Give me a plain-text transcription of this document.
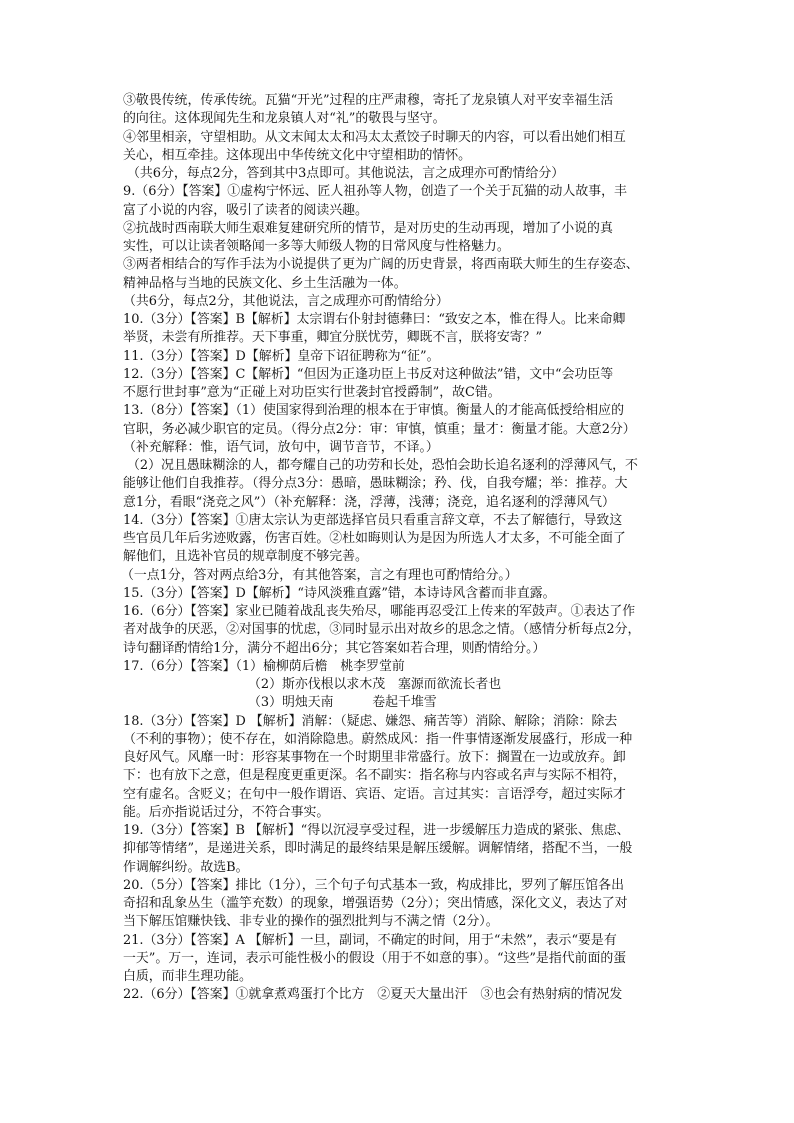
③敬畏传统，传承传统。瓦猫“开光”过程的庄严肃穆，寄托了龙泉镇人对平安幸福生活
的向往。这体现闻先生和龙泉镇人对“礼”的敬畏与坚守。
④邻里相亲，守望相助。从文末闻太太和冯太太煮饺子时聊天的内容，可以看出她们相互
关心，相互牵挂。这体现出中华传统文化中守望相助的情怀。
（共6分，每点2分，答到其中3点即可。其他说法，言之成理亦可酌情给分）
9.（6分）【答案】①虚构宁怀远、匠人祖孙等人物，创造了一个关于瓦猫的动人故事，丰
富了小说的内容，吸引了读者的阅读兴趣。
②抗战时西南联大师生艰难复建研究所的情节，是对历史的生动再现，增加了小说的真
实性，可以让读者领略闻一多等大师级人物的日常风度与性格魅力。
③两者相结合的写作手法为小说提供了更为广阔的历史背景，将西南联大师生的生存姿态、
精神品格与当地的民族文化、乡土生活融为一体。
（共6分，每点2分，其他说法，言之成理亦可酌情给分）
10.（3分）【答案】B【解析】太宗谓右仆射封德彝曰：“致安之本，惟在得人。比来命卿
举贤，未尝有所推荐。天下事重，卿宜分朕忧劳，卿既不言，朕将安寄？”
11.（3分）【答案】D【解析】皇帝下诏征聘称为“征”。
12.（3分）【答案】C【解析】“但因为正逢功臣上书反对这种做法”错，文中“会功臣等
不愿行世封事”意为“正碰上对功臣实行世袭封官授爵制”，故C错。
13.（8分）【答案】（1）使国家得到治理的根本在于审慎。衡量人的才能高低授给相应的
官职，务必减少职官的定员。（得分点2分：审：审慎，慎重；量才：衡量才能。大意2分）
（补充解释：惟，语气词，放句中，调节音节，不译。）
（2）况且愚昧糊涂的人，都夸耀自己的功劳和长处，恐怕会助长追名逐利的浮薄风气，不
能够让他们自我推荐。（得分点3分：愚暗，愚昧糊涂；矜、伐，自我夸耀；举：推荐。大
意1分，看眼“浇竞之风”）（补充解释：浇，浮薄，浅薄；浇竞，追名逐利的浮薄风气）
14.（3分）【答案】①唐太宗认为吏部选择官员只看重言辞文章，不去了解德行，导致这
些官员几年后劣迹败露，伤害百姓。②杜如晦则认为是因为所选人才太多，不可能全面了
解他们，且选补官员的规章制度不够完善。
（一点1分，答对两点给3分，有其他答案，言之有理也可酌情给分。）
15.（3分）【答案】D【解析】“诗风淡雅直露”错，本诗诗风含蓄而非直露。
16.（6分）【答案】家业已随着战乱丧失殆尽，哪能再忍受江上传来的军鼓声。①表达了作
者对战争的厌恶，②对国事的忧虑，③同时显示出对故乡的思念之情。（感情分析每点2分，
诗句翻译酌情给1分，满分不超出6分；其它答案如若合理，则酌情给分。）
17.（6分）【答案】（1）榆柳荫后檐　桃李罗堂前
（2）斯亦伐根以求木茂　塞源而欲流长者也
（3）明烛天南　　　卷起千堆雪
18.（3分）【答案】D 【解析】消解：（疑虑、嫌怨、痛苦等）消除、解除；消除：除去
（不利的事物）；使不存在，如消除隐患。蔚然成风：指一件事情逐渐发展盛行，形成一种
良好风气。风靡一时：形容某事物在一个时期里非常盛行。放下：搁置在一边或放弃。卸
下：也有放下之意，但是程度更重更深。名不副实：指名称与内容或名声与实际不相符，
空有虚名。含贬义；在句中一般作谓语、宾语、定语。言过其实：言语浮夸，超过实际才
能。后亦指说话过分，不符合事实。
19.（3分）【答案】B 【解析】“得以沉浸享受过程，进一步缓解压力造成的紧张、焦虑、
抑郁等情绪”，是递进关系，即时满足的最终结果是解压缓解。调解情绪，搭配不当，一般
作调解纠纷。故选B。
20.（5分）【答案】排比（1分），三个句子句式基本一致，构成排比，罗列了解压馆各出
奇招和乱象丛生（滥竽充数）的现象，增强语势（2分）；突出情感，深化文义，表达了对
当下解压馆赚快钱、非专业的操作的强烈批判与不满之情（2分）。
21.（3分）【答案】A 【解析】一旦，副词，不确定的时间，用于“未然”，表示“要是有
一天”。万一，连词，表示可能性极小的假设（用于不如意的事）。“这些”是指代前面的蛋
白质，而非生理功能。
22.（6分）【答案】①就拿煮鸡蛋打个比方　②夏天大量出汗　③也会有热射病的情况发
